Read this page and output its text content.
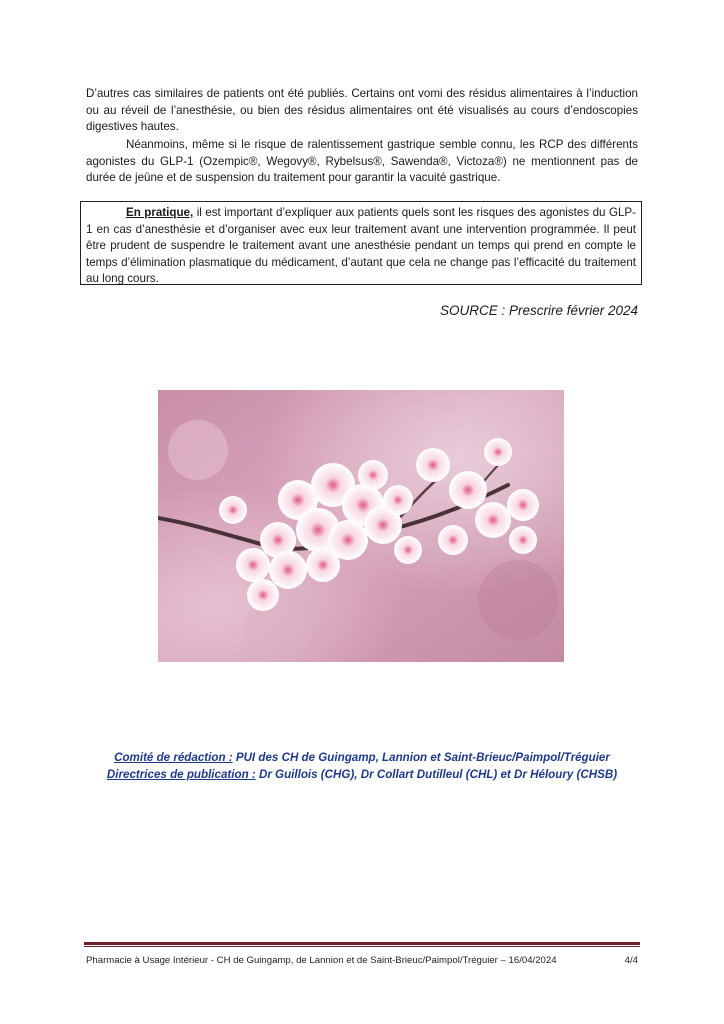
D’autres cas similaires de patients ont été publiés. Certains ont vomi des résidus alimentaires à l’induction ou au réveil de l’anesthésie, ou bien des résidus alimentaires ont été visualisés au cours d’endoscopies digestives hautes.

Néanmoins, même si le risque de ralentissement gastrique semble connu, les RCP des différents agonistes du GLP-1 (Ozempic®, Wegovy®, Rybelsus®, Sawenda®, Victoza®) ne mentionnent pas de durée de jeûne et de suspension du traitement pour garantir la vacuité gastrique.

En pratique, il est important d’expliquer aux patients quels sont les risques des agonistes du GLP-1 en cas d’anesthésie et d’organiser avec eux leur traitement avant une intervention programmée. Il peut être prudent de suspendre le traitement avant une anesthésie pendant un temps qui prend en compte le temps d’élimination plasmatique du médicament, d’autant que cela ne change pas l’efficacité du traitement au long cours.
SOURCE : Prescrire février 2024
Comité de rédaction : PUI des CH de Guingamp, Lannion et Saint-Brieuc/Paimpol/Tréguier
Directrices de publication : Dr Guillois (CHG), Dr Collart Dutilleul (CHL) et Dr Héloury (CHSB)
Pharmacie à Usage Intérieur - CH de Guingamp, de Lannion et de Saint-Brieuc/Paimpol/Tréguier – 16/04/2024	4/4
